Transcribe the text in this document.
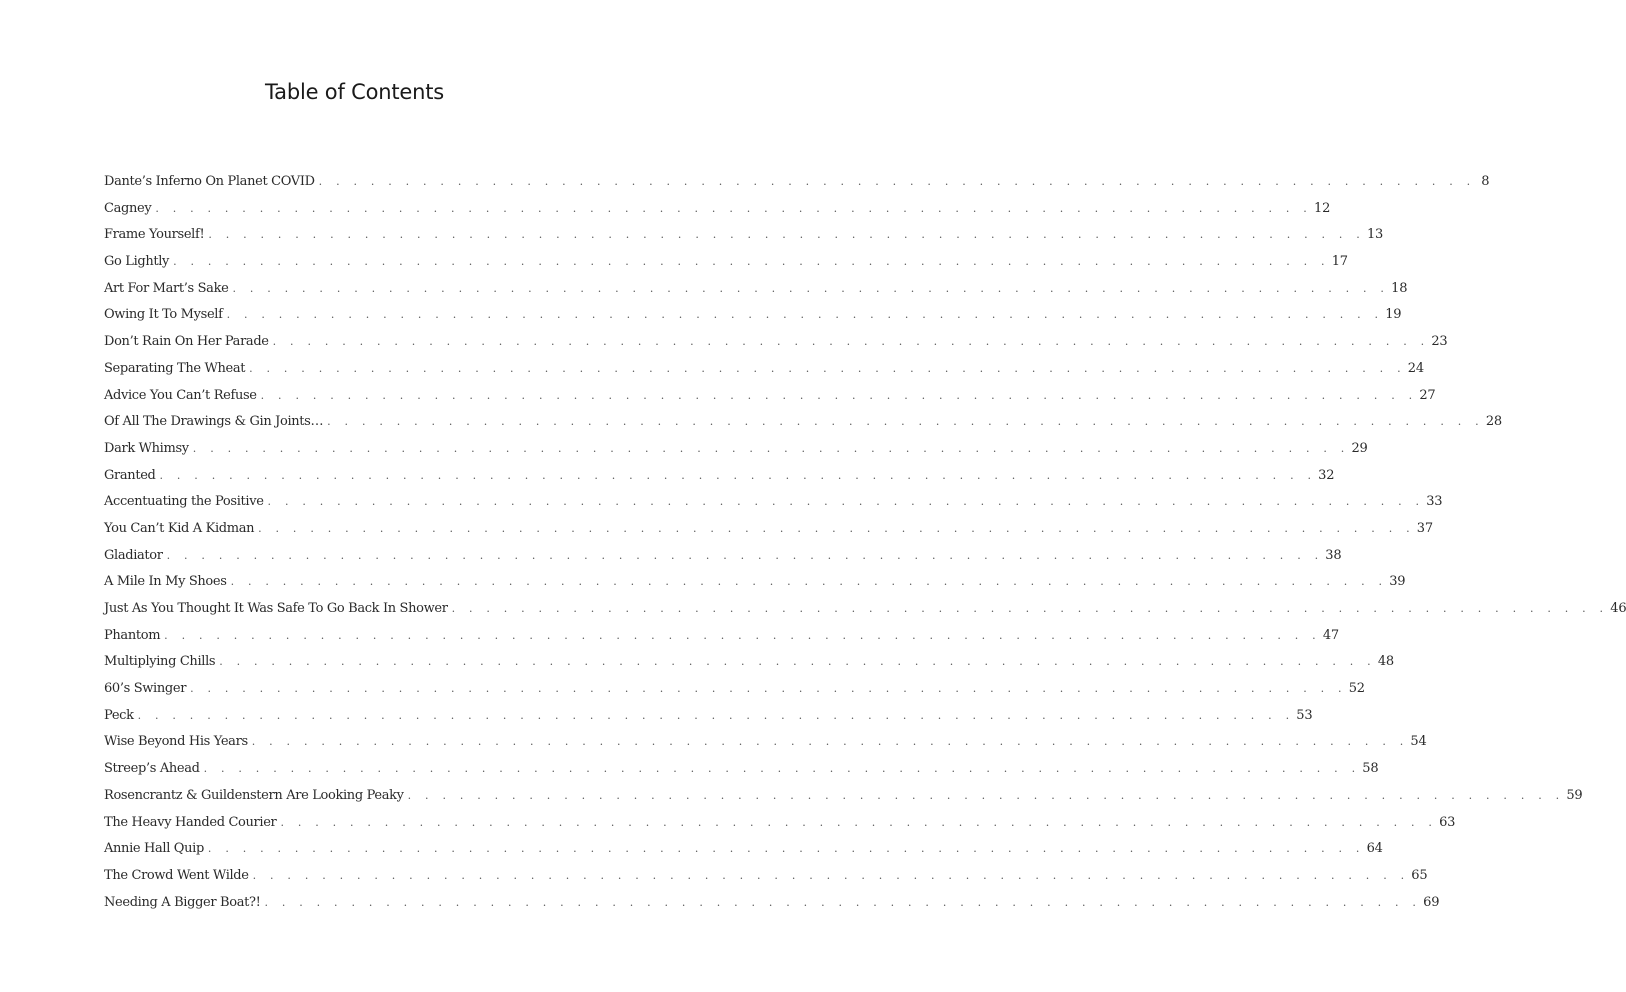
Table of Contents
Dante’s Inferno On Planet COVID . . . . . . . . . . . . . . . . . . . . . . . . . . . . . . . . . . . . . . . . . . . . . . . . . . . . . . . . . . . . . . . . . . . 8
Cagney . . . . . . . . . . . . . . . . . . . . . . . . . . . . . . . . . . . . . . . . . . . . . . . . . . . . . . . . . . . . . . . . . . . 12
Frame Yourself! . . . . . . . . . . . . . . . . . . . . . . . . . . . . . . . . . . . . . . . . . . . . . . . . . . . . . . . . . . . . . . . . . . . 13
Go Lightly . . . . . . . . . . . . . . . . . . . . . . . . . . . . . . . . . . . . . . . . . . . . . . . . . . . . . . . . . . . . . . . . . . . 17
Art For Mart’s Sake . . . . . . . . . . . . . . . . . . . . . . . . . . . . . . . . . . . . . . . . . . . . . . . . . . . . . . . . . . . . . . . . . . . 18
Owing It To Myself . . . . . . . . . . . . . . . . . . . . . . . . . . . . . . . . . . . . . . . . . . . . . . . . . . . . . . . . . . . . . . . . . . . 19
Don’t Rain On Her Parade . . . . . . . . . . . . . . . . . . . . . . . . . . . . . . . . . . . . . . . . . . . . . . . . . . . . . . . . . . . . . . . . . . . 23
Separating The Wheat . . . . . . . . . . . . . . . . . . . . . . . . . . . . . . . . . . . . . . . . . . . . . . . . . . . . . . . . . . . . . . . . . . . 24
Advice You Can’t Refuse . . . . . . . . . . . . . . . . . . . . . . . . . . . . . . . . . . . . . . . . . . . . . . . . . . . . . . . . . . . . . . . . . . . 27
Of All The Drawings & Gin Joints… . . . . . . . . . . . . . . . . . . . . . . . . . . . . . . . . . . . . . . . . . . . . . . . . . . . . . . . . . . . . . . . . . . . 28
Dark Whimsy . . . . . . . . . . . . . . . . . . . . . . . . . . . . . . . . . . . . . . . . . . . . . . . . . . . . . . . . . . . . . . . . . . . 29
Granted . . . . . . . . . . . . . . . . . . . . . . . . . . . . . . . . . . . . . . . . . . . . . . . . . . . . . . . . . . . . . . . . . . . 32
Accentuating the Positive . . . . . . . . . . . . . . . . . . . . . . . . . . . . . . . . . . . . . . . . . . . . . . . . . . . . . . . . . . . . . . . . . . . 33
You Can’t Kid A Kidman . . . . . . . . . . . . . . . . . . . . . . . . . . . . . . . . . . . . . . . . . . . . . . . . . . . . . . . . . . . . . . . . . . . 37
Gladiator . . . . . . . . . . . . . . . . . . . . . . . . . . . . . . . . . . . . . . . . . . . . . . . . . . . . . . . . . . . . . . . . . . . 38
A Mile In My Shoes . . . . . . . . . . . . . . . . . . . . . . . . . . . . . . . . . . . . . . . . . . . . . . . . . . . . . . . . . . . . . . . . . . . 39
Just As You Thought It Was Safe To Go Back In Shower . . . . . . . . . . . . . . . . . . . . . . . . . . . . . . . . . . . . . . . . . . . . . . . . . . . . . . . . . . . . . . . . . . . 46
Phantom . . . . . . . . . . . . . . . . . . . . . . . . . . . . . . . . . . . . . . . . . . . . . . . . . . . . . . . . . . . . . . . . . . . 47
Multiplying Chills . . . . . . . . . . . . . . . . . . . . . . . . . . . . . . . . . . . . . . . . . . . . . . . . . . . . . . . . . . . . . . . . . . . 48
60’s Swinger . . . . . . . . . . . . . . . . . . . . . . . . . . . . . . . . . . . . . . . . . . . . . . . . . . . . . . . . . . . . . . . . . . . 52
Peck . . . . . . . . . . . . . . . . . . . . . . . . . . . . . . . . . . . . . . . . . . . . . . . . . . . . . . . . . . . . . . . . . . . 53
Wise Beyond His Years . . . . . . . . . . . . . . . . . . . . . . . . . . . . . . . . . . . . . . . . . . . . . . . . . . . . . . . . . . . . . . . . . . . 54
Streep’s Ahead . . . . . . . . . . . . . . . . . . . . . . . . . . . . . . . . . . . . . . . . . . . . . . . . . . . . . . . . . . . . . . . . . . . 58
Rosencrantz & Guildenstern Are Looking Peaky . . . . . . . . . . . . . . . . . . . . . . . . . . . . . . . . . . . . . . . . . . . . . . . . . . . . . . . . . . . . . . . . . . . 59
The Heavy Handed Courier . . . . . . . . . . . . . . . . . . . . . . . . . . . . . . . . . . . . . . . . . . . . . . . . . . . . . . . . . . . . . . . . . . . 63
Annie Hall Quip . . . . . . . . . . . . . . . . . . . . . . . . . . . . . . . . . . . . . . . . . . . . . . . . . . . . . . . . . . . . . . . . . . . 64
The Crowd Went Wilde . . . . . . . . . . . . . . . . . . . . . . . . . . . . . . . . . . . . . . . . . . . . . . . . . . . . . . . . . . . . . . . . . . . 65
Needing A Bigger Boat?! . . . . . . . . . . . . . . . . . . . . . . . . . . . . . . . . . . . . . . . . . . . . . . . . . . . . . . . . . . . . . . . . . . . 69
